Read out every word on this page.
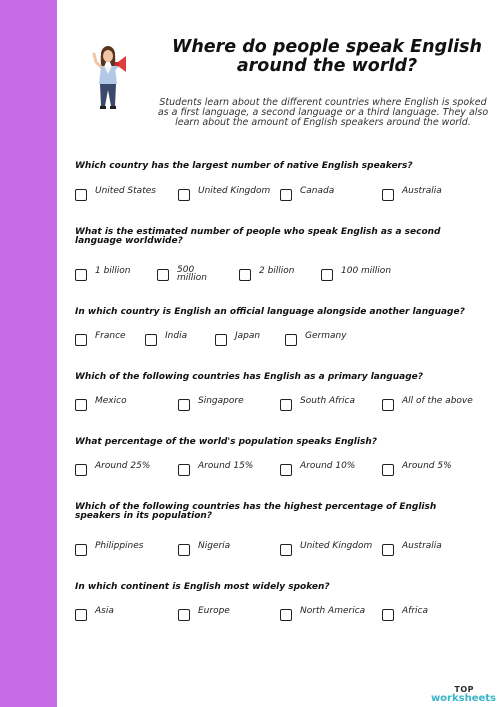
Where do people speak English
around the world?

Students learn about the different countries where English is spoked as a first language, a second language or a third language. They also learn about the amount of English speakers around the world.

Which country has the largest number of native English speakers?

United States	United Kingdom	Canada	Australia

What is the estimated number of people who speak English as a second language worldwide?

1 billion	500 million
2 billion	100 million

In which country is English an official language alongside another language?

France	India	Japan	Germany

Which of the following countries has English as a primary language?

Mexico	Singapore	South Africa	All of the above

What percentage of the world's population speaks English?

Around 25%	Around 15%	Around 10%	Around 5%

Which of the following countries has the highest percentage of English speakers in its population?

Philippines	Nigeria	United Kingdom	Australia

In which continent is English most widely spoken?

Asia	Europe	North America	Africa
TOP
worksheets
